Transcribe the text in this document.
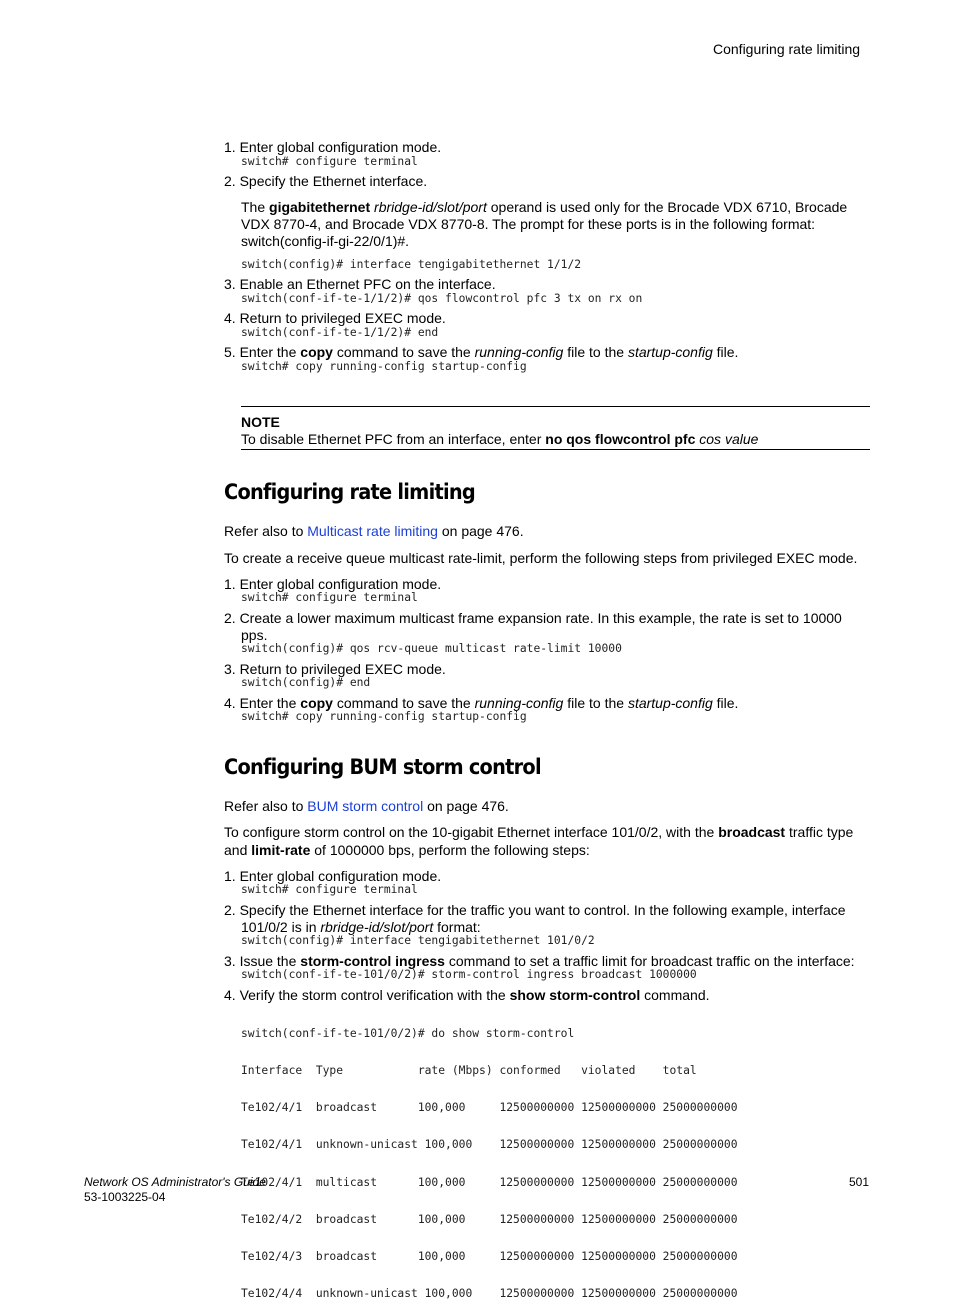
Configuring rate limiting
1. Enter global configuration mode.
switch# configure terminal
2. Specify the Ethernet interface.
The gigabitethernet rbridge-id/slot/port operand is used only for the Brocade VDX 6710, Brocade
VDX 8770-4, and Brocade VDX 8770-8. The prompt for these ports is in the following format:
switch(config-if-gi-22/0/1)#.
switch(config)# interface tengigabitethernet 1/1/2
3. Enable an Ethernet PFC on the interface.
switch(conf-if-te-1/1/2)# qos flowcontrol pfc 3 tx on rx on
4. Return to privileged EXEC mode.
switch(conf-if-te-1/1/2)# end
5. Enter the copy command to save the running-config file to the startup-config file.
switch# copy running-config startup-config
NOTE
To disable Ethernet PFC from an interface, enter no qos flowcontrol pfc cos value
Configuring rate limiting
Refer also to Multicast rate limiting on page 476.
To create a receive queue multicast rate-limit, perform the following steps from privileged EXEC mode.
1. Enter global configuration mode.
switch# configure terminal
2. Create a lower maximum multicast frame expansion rate. In this example, the rate is set to 10000
pps.
switch(config)# qos rcv-queue multicast rate-limit 10000
3. Return to privileged EXEC mode.
switch(config)# end
4. Enter the copy command to save the running-config file to the startup-config file.
switch# copy running-config startup-config
Configuring BUM storm control
Refer also to BUM storm control on page 476.
To configure storm control on the 10-gigabit Ethernet interface 101/0/2, with the broadcast traffic type
and limit-rate of 1000000 bps, perform the following steps:
1. Enter global configuration mode.
switch# configure terminal
2. Specify the Ethernet interface for the traffic you want to control. In the following example, interface
101/0/2 is in rbridge-id/slot/port format:
switch(config)# interface tengigabitethernet 101/0/2
3. Issue the storm-control ingress command to set a traffic limit for broadcast traffic on the interface:
switch(conf-if-te-101/0/2)# storm-control ingress broadcast 1000000
4. Verify the storm control verification with the show storm-control command.

switch(conf-if-te-101/0/2)# do show storm-control

Interface  Type           rate (Mbps) conformed   violated    total

Te102/4/1  broadcast      100,000     12500000000 12500000000 25000000000

Te102/4/1  unknown-unicast 100,000    12500000000 12500000000 25000000000

Te102/4/1  multicast      100,000     12500000000 12500000000 25000000000

Te102/4/2  broadcast      100,000     12500000000 12500000000 25000000000

Te102/4/3  broadcast      100,000     12500000000 12500000000 25000000000

Te102/4/4  unknown-unicast 100,000    12500000000 12500000000 25000000000

Network OS Administrator's Guide
53-1003225-04
501
